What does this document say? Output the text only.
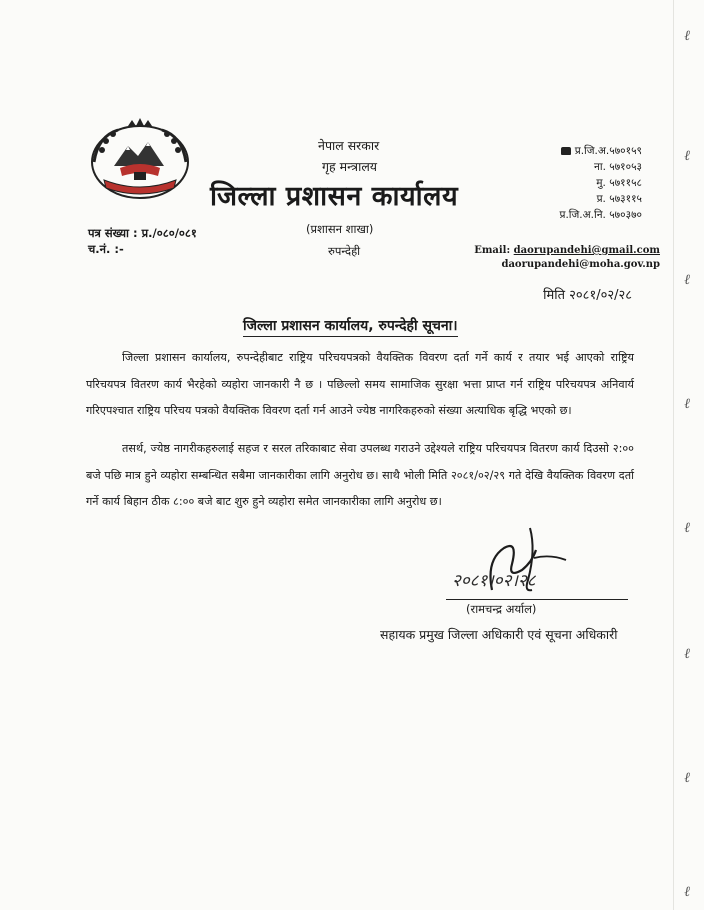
नेपाल सरकार
गृह मन्त्रालय
जिल्ला प्रशासन कार्यालय
(प्रशासन शाखा)
रुपन्देही
प्र.जि.अ.५७०१५९
ना. ५७१०५३
मु. ५७११५८
प्र. ५७३११५
प्र.जि.अ.नि. ५७०३७०
पत्र संख्या : प्र./०८०/०८१
च.नं. :-	Email: daorupandehi@gmail.com
daorupandehi@moha.gov.np
मिति २०८१/०२/२८
जिल्ला प्रशासन कार्यालय, रुपन्देही सूचना।
जिल्ला प्रशासन कार्यालय, रुपन्देहीबाट राष्ट्रिय परिचयपत्रको वैयक्तिक विवरण दर्ता गर्ने कार्य र तयार भई आएको राष्ट्रिय परिचयपत्र वितरण कार्य भैरहेको व्यहोरा जानकारी नै छ । पछिल्लो समय सामाजिक सुरक्षा भत्ता प्राप्त गर्न राष्ट्रिय परिचयपत्र अनिवार्य गरिएपश्चात राष्ट्रिय परिचय पत्रको वैयक्तिक विवरण दर्ता गर्न आउने ज्येष्ठ नागरिकहरुको संख्या अत्याधिक बृद्धि भएको छ।
तसर्थ, ज्येष्ठ नागरीकहरुलाई सहज र सरल तरिकाबाट सेवा उपलब्ध गराउने उद्देश्यले राष्ट्रिय परिचयपत्र वितरण कार्य दिउसो २:०० बजे पछि मात्र हुने व्यहोरा सम्बन्धित सबैमा जानकारीका लागि अनुरोध छ। साथै भोली मिति २०८१/०२/२९ गते देखि वैयक्तिक विवरण दर्ता गर्ने कार्य बिहान ठीक ८:०० बजे बाट शुरु हुने व्यहोरा समेत जानकारीका लागि अनुरोध छ।
२०८१।०२।२८
(रामचन्द्र अर्याल)
सहायक प्रमुख जिल्ला अधिकारी एवं सूचना अधिकारी
ℓ
ℓ
ℓ
ℓ
ℓ
ℓ
ℓ
ℓ
